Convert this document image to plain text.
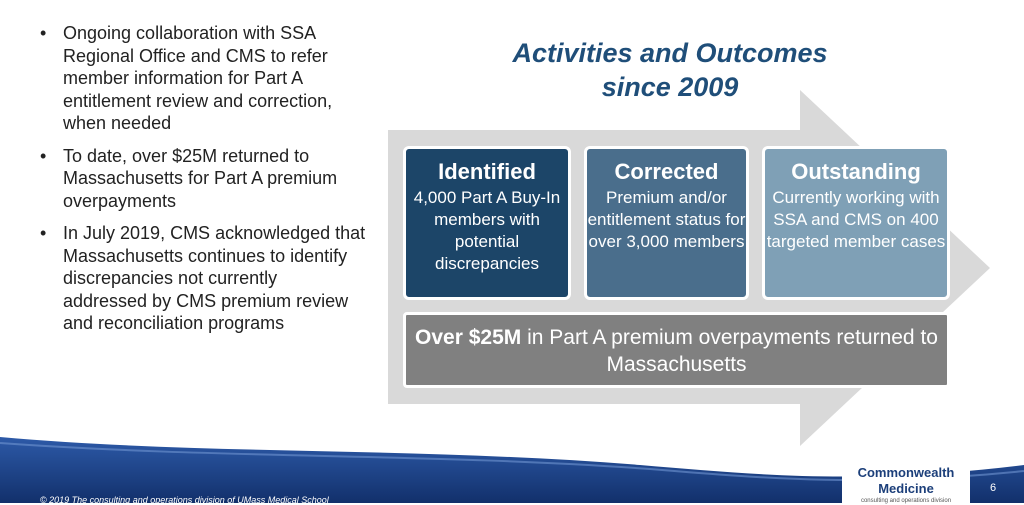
• Ongoing collaboration with SSA Regional Office and CMS to refer member information for Part A entitlement review and correction, when needed
• To date, over $25M returned to Massachusetts for Part A premium overpayments
• In July 2019, CMS acknowledged that Massachusetts continues to identify discrepancies not currently addressed by CMS premium review and reconciliation programs
Activities and Outcomes
since 2009
Identified
4,000 Part A Buy-In members with potential discrepancies
Corrected
Premium and/or entitlement status for over 3,000 members
Outstanding
Currently working with SSA and CMS on 400 targeted member cases
Over $25M in Part A premium overpayments returned to Massachusetts
© 2019 The consulting and operations division of UMass Medical School
Commonwealth Medicine
consulting and operations division
6
